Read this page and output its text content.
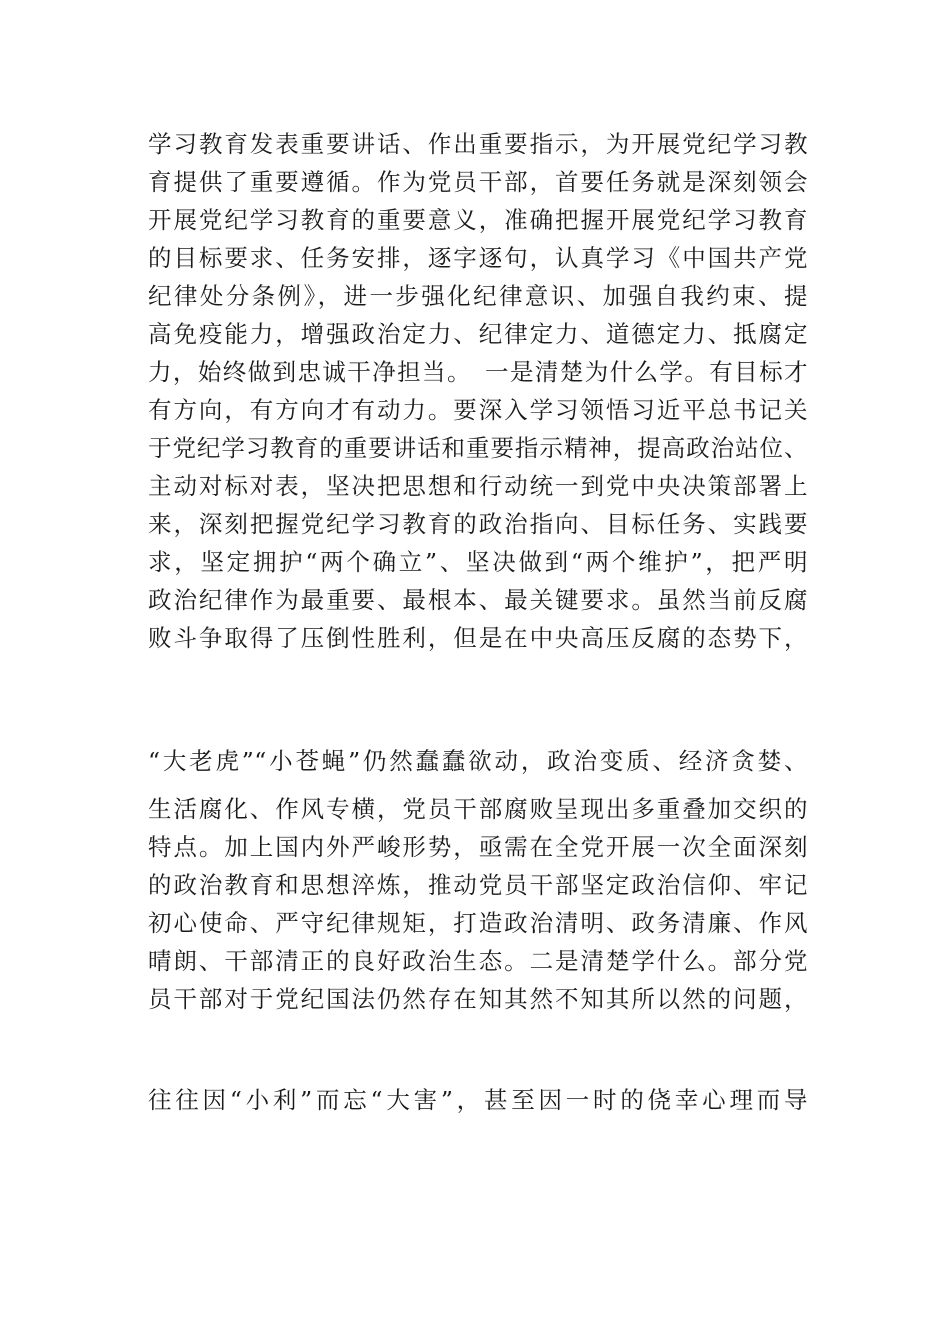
学习教育发表重要讲话、作出重要指示，为开展党纪学习教
育提供了重要遵循。作为党员干部，首要任务就是深刻领会
开展党纪学习教育的重要意义，准确把握开展党纪学习教育
的目标要求、任务安排，逐字逐句，认真学习《中国共产党
纪律处分条例》，进一步强化纪律意识、加强自我约束、提
高免疫能力，增强政治定力、纪律定力、道德定力、抵腐定
力，始终做到忠诚干净担当。　一是清楚为什么学。有目标才
有方向，有方向才有动力。要深入学习领悟习近平总书记关
于党纪学习教育的重要讲话和重要指示精神，提高政治站位、
主动对标对表，坚决把思想和行动统一到党中央决策部署上
来，深刻把握党纪学习教育的政治指向、目标任务、实践要
求，坚定拥护“两个确立”、坚决做到“两个维护”，把严明
政治纪律作为最重要、最根本、最关键要求。虽然当前反腐
败斗争取得了压倒性胜利，但是在中央高压反腐的态势下，
“大老虎”“小苍蝇”仍然蠢蠢欲动，政治变质、经济贪婪、
生活腐化、作风专横，党员干部腐败呈现出多重叠加交织的
特点。加上国内外严峻形势，亟需在全党开展一次全面深刻
的政治教育和思想淬炼，推动党员干部坚定政治信仰、牢记
初心使命、严守纪律规矩，打造政治清明、政务清廉、作风
晴朗、干部清正的良好政治生态。二是清楚学什么。部分党
员干部对于党纪国法仍然存在知其然不知其所以然的问题，
往往因“小利”而忘“大害”，甚至因一时的侥幸心理而导
